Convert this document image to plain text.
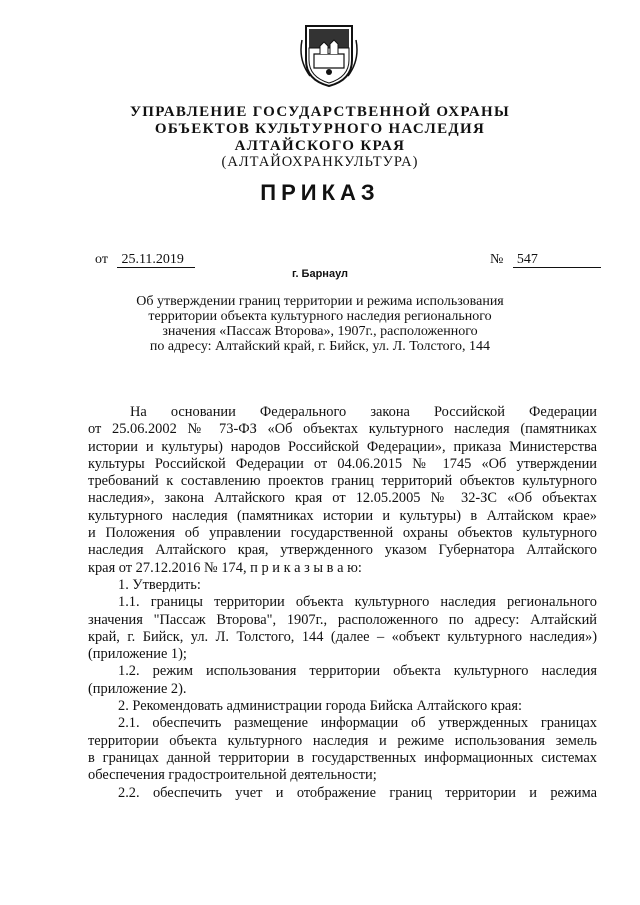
УПРАВЛЕНИЕ ГОСУДАРСТВЕННОЙ ОХРАНЫ
ОБЪЕКТОВ КУЛЬТУРНОГО НАСЛЕДИЯ
АЛТАЙСКОГО КРАЯ
(АЛТАЙОХРАНКУЛЬТУРА)
ПРИКАЗ
от 25.11.2019	№ 547
г. Барнаул
Об утверждении границ территории и режима использования
территории объекта культурного наследия регионального
значения «Пассаж Второва», 1907г., расположенного
по адресу: Алтайский край, г. Бийск, ул. Л. Толстого, 144
На основании Федерального закона Российской Федерации
от 25.06.2002 № 73-ФЗ «Об объектах культурного наследия (памятниках
истории и культуры) народов Российской Федерации», приказа Министерства
культуры Российской Федерации от 04.06.2015 № 1745 «Об утверждении
требований к составлению проектов границ территорий объектов культурного
наследия», закона Алтайского края от 12.05.2005 № 32-ЗС «Об объектах
культурного наследия (памятниках истории и культуры) в Алтайском крае»
и Положения об управлении государственной охраны объектов культурного
наследия Алтайского края, утвержденного указом Губернатора Алтайского
края от 27.12.2016 № 174, п р и к а з ы в а ю:
1. Утвердить:
1.1. границы территории объекта культурного наследия регионального
значения "Пассаж Второва", 1907г., расположенного по адресу: Алтайский
край, г. Бийск, ул. Л. Толстого, 144 (далее – «объект культурного наследия»)
(приложение 1);
1.2. режим использования территории объекта культурного наследия
(приложение 2).
2. Рекомендовать администрации города Бийска Алтайского края:
2.1. обеспечить размещение информации об утвержденных границах
территории объекта культурного наследия и режиме использования земель
в границах данной территории в государственных информационных системах
обеспечения градостроительной деятельности;
2.2. обеспечить учет и отображение границ территории и режима
